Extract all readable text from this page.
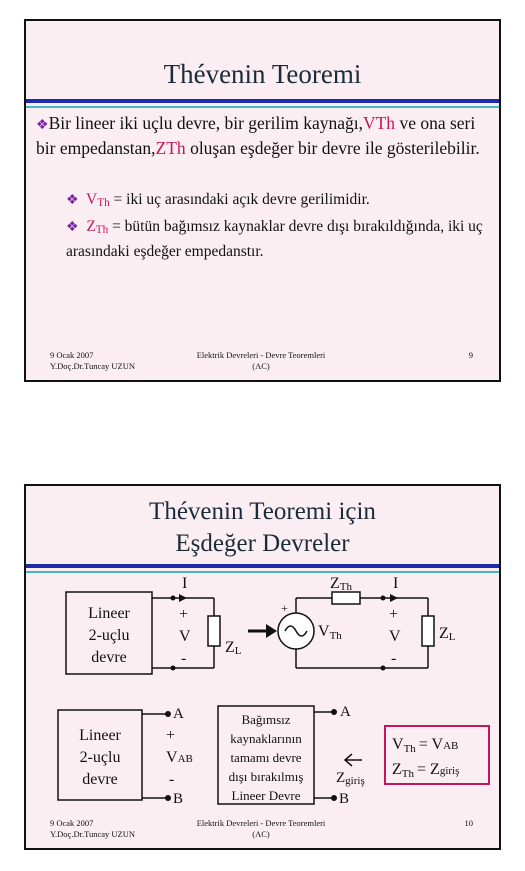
Thévenin Teoremi
❖Bir lineer iki uçlu devre, bir gerilim kaynağı,VTh ve ona seri bir empedanstan,ZTh oluşan eşdeğer bir devre ile gösterilebilir.
❖ VTh = iki uç arasındaki açık devre gerilimidir.
❖ ZTh = bütün bağımsız kaynaklar devre dışı bırakıldığında, iki uç arasındaki eşdeğer empedanstır.
9 Ocak 2007
Y.Doç.Dr.Tuncay UZUN
Elektrik Devreleri - Devre Teoremleri
(AC)
9
Thévenin Teoremi için
Eşdeğer Devreler
Lineer
2-uçlu
devre
I
+
V
-
ZL
ZTh
+
VTh
I
+
V
-
ZL
Lineer
2-uçlu
devre
A
B
+
VAB
-
Bağımsız
kaynaklarının
tamamı devre
dışı bırakılmış
Lineer Devre
A
B
Zgiriş
VTh = VAB
ZTh = Zgiriş
9 Ocak 2007
Y.Doç.Dr.Tuncay UZUN
Elektrik Devreleri - Devre Teoremleri
(AC)
10
